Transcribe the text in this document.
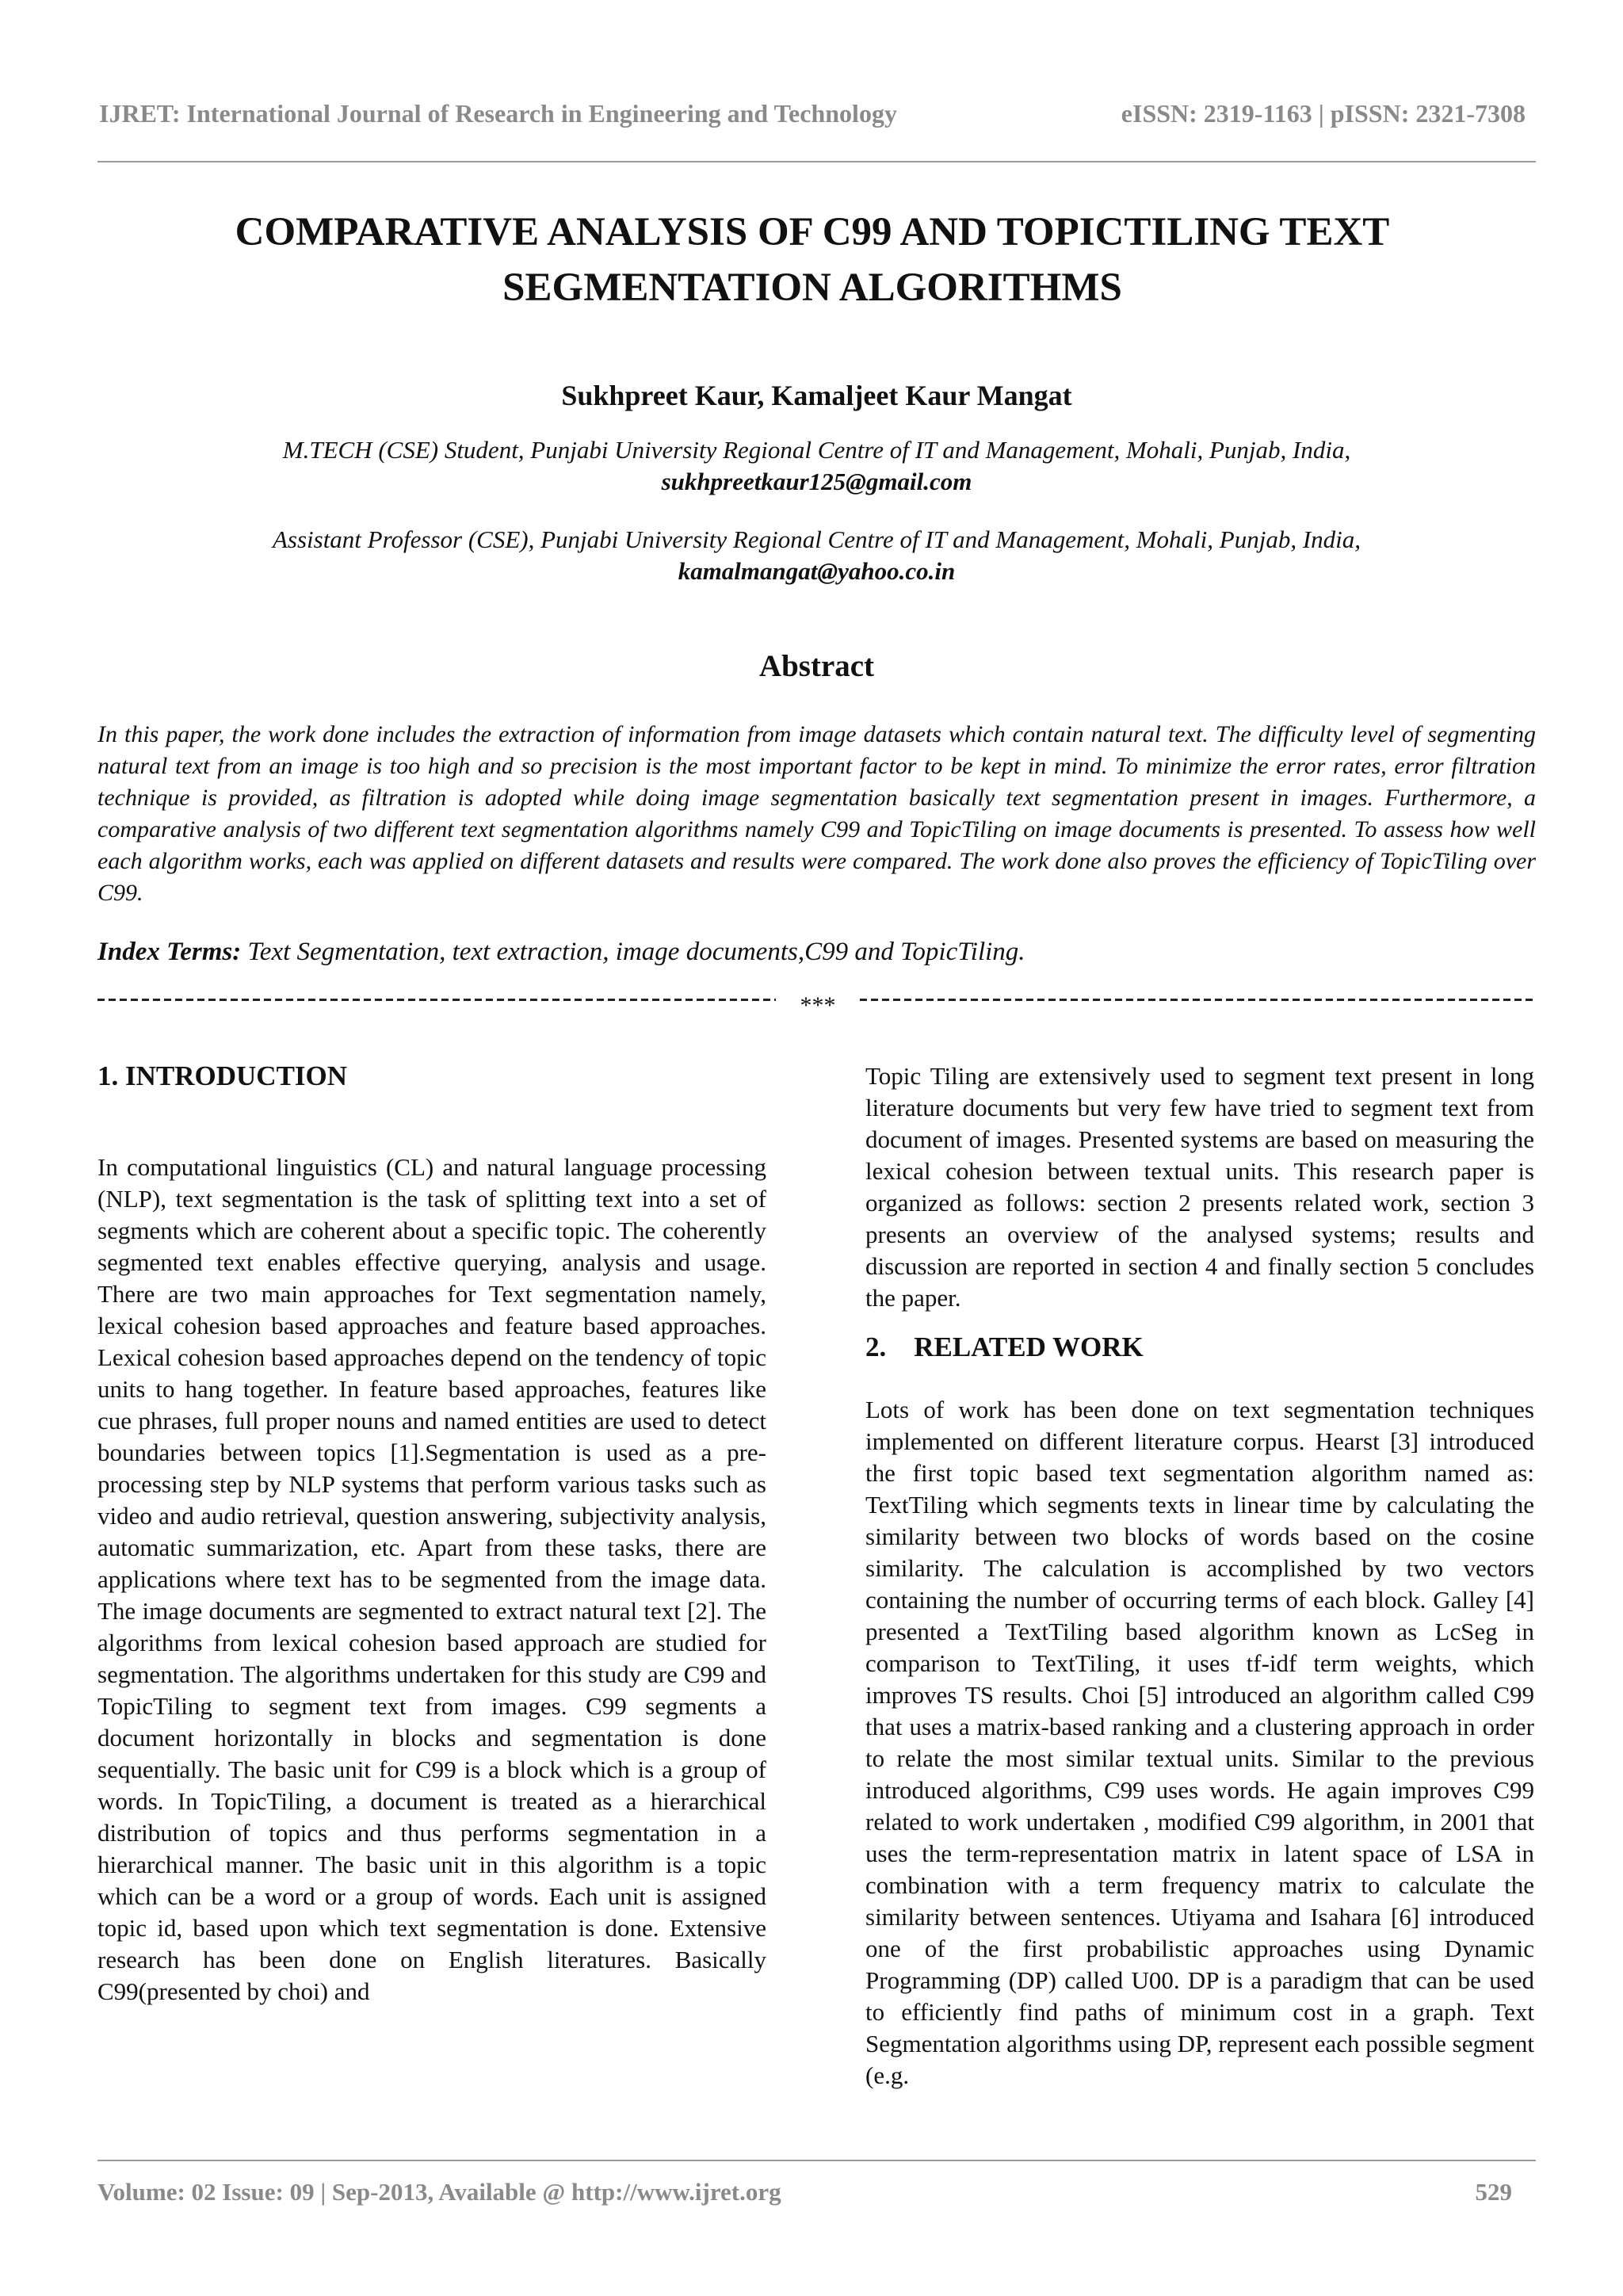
IJRET: International Journal of Research in Engineering and Technology	eISSN: 2319-1163 | pISSN: 2321-7308
COMPARATIVE ANALYSIS OF C99 AND TOPICTILING TEXT
SEGMENTATION ALGORITHMS
Sukhpreet Kaur, Kamaljeet Kaur Mangat
M.TECH (CSE) Student, Punjabi University Regional Centre of IT and Management, Mohali, Punjab, India,
sukhpreetkaur125@gmail.com
Assistant Professor (CSE), Punjabi University Regional Centre of IT and Management, Mohali, Punjab, India,
kamalmangat@yahoo.co.in
Abstract
In this paper, the work done includes the extraction of information from image datasets which contain natural text. The difficulty level of segmenting natural text from an image is too high and so precision is the most important factor to be kept in mind. To minimize the error rates, error filtration technique is provided, as filtration is adopted while doing image segmentation basically text segmentation present in images. Furthermore, a comparative analysis of two different text segmentation algorithms namely C99 and TopicTiling on image documents is presented. To assess how well each algorithm works, each was applied on different datasets and results were compared. The work done also proves the efficiency of TopicTiling over C99.
Index Terms: Text Segmentation, text extraction, image documents,C99 and TopicTiling.
***
1. INTRODUCTION

In computational linguistics (CL) and natural language processing (NLP), text segmentation is the task of splitting text into a set of segments which are coherent about a specific topic. The coherently segmented text enables effective querying, analysis and usage. There are two main approaches for Text segmentation namely, lexical cohesion based approaches and feature based approaches. Lexical cohesion based approaches depend on the tendency of topic units to hang together. In feature based approaches, features like cue phrases, full proper nouns and named entities are used to detect boundaries between topics [1].Segmentation is used as a pre-processing step by NLP systems that perform various tasks such as video and audio retrieval, question answering, subjectivity analysis, automatic summarization, etc. Apart from these tasks, there are applications where text has to be segmented from the image data. The image documents are segmented to extract natural text [2]. The algorithms from lexical cohesion based approach are studied for segmentation. The algorithms undertaken for this study are C99 and TopicTiling to segment text from images. C99 segments a document horizontally in blocks and segmentation is done sequentially. The basic unit for C99 is a block which is a group of words. In TopicTiling, a document is treated as a hierarchical distribution of topics and thus performs segmentation in a hierarchical manner. The basic unit in this algorithm is a topic which can be a word or a group of words. Each unit is assigned topic id, based upon which text segmentation is done. Extensive research has been done on English literatures. Basically C99(presented by choi) and

Topic Tiling are extensively used to segment text present in long literature documents but very few have tried to segment text from document of images. Presented systems are based on measuring the lexical cohesion between textual units. This research paper is organized as follows: section 2 presents related work, section 3 presents an overview of the analysed systems; results and discussion are reported in section 4 and finally section 5 concludes the paper.

2.    RELATED WORK

Lots of work has been done on text segmentation techniques implemented on different literature corpus. Hearst [3] introduced the first topic based text segmentation algorithm named as: TextTiling which segments texts in linear time by calculating the similarity between two blocks of words based on the cosine similarity. The calculation is accomplished by two vectors containing the number of occurring terms of each block. Galley [4] presented a TextTiling based algorithm known as LcSeg in comparison to TextTiling, it uses tf-idf term weights, which improves TS results. Choi [5] introduced an algorithm called C99 that uses a matrix-based ranking and a clustering approach in order to relate the most similar textual units. Similar to the previous introduced algorithms, C99 uses words. He again improves C99 related to work undertaken , modified C99 algorithm, in 2001 that uses the term-representation matrix in latent space of LSA in combination with a term frequency matrix to calculate the similarity between sentences. Utiyama and Isahara [6] introduced one of the first probabilistic approaches using Dynamic Programming (DP) called U00. DP is a paradigm that can be used to efficiently find paths of minimum cost in a graph. Text Segmentation algorithms using DP, represent each possible segment (e.g.

Volume: 02 Issue: 09 | Sep-2013, Available @ http://www.ijret.org	529
